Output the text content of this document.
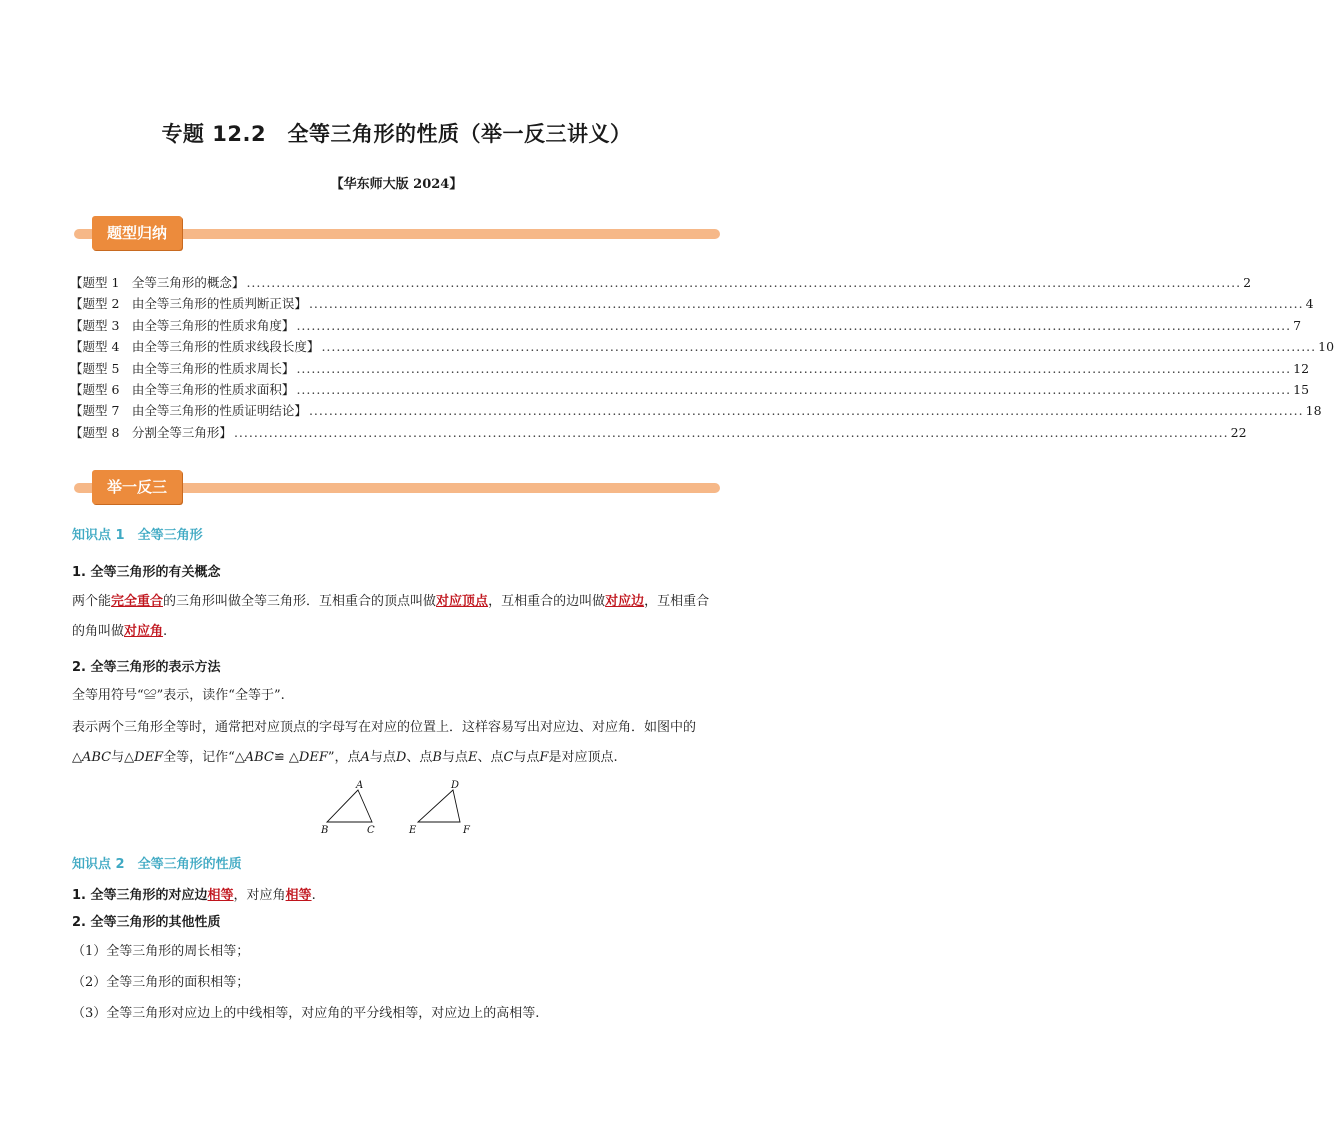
专题 12.2　全等三角形的性质（举一反三讲义）
【华东师大版 2024】
题型归纳
【题型 1　全等三角形的概念】 ........................................................................................................................................................................................................ 2
【题型 2　由全等三角形的性质判断正误】 ........................................................................................................................................................................................................ 4
【题型 3　由全等三角形的性质求角度】 ........................................................................................................................................................................................................ 7
【题型 4　由全等三角形的性质求线段长度】 ........................................................................................................................................................................................................ 10
【题型 5　由全等三角形的性质求周长】 ........................................................................................................................................................................................................ 12
【题型 6　由全等三角形的性质求面积】 ........................................................................................................................................................................................................ 15
【题型 7　由全等三角形的性质证明结论】 ........................................................................................................................................................................................................ 18
【题型 8　分割全等三角形】 ........................................................................................................................................................................................................ 22
举一反三
知识点 1　全等三角形
1. 全等三角形的有关概念
两个能完全重合的三角形叫做全等三角形．互相重合的顶点叫做对应顶点，互相重合的边叫做对应边，互相重合的角叫做对应角.
2. 全等三角形的表示方法
全等用符号“≌”表示，读作“全等于”.
表示两个三角形全等时，通常把对应顶点的字母写在对应的位置上．这样容易写出对应边、对应角．如图中的△ABC与△DEF全等，记作“△ABC≌ △DEF”，点A与点D、点B与点E、点C与点F是对应顶点.
A
B	C
D
E	F
知识点 2　全等三角形的性质
1. 全等三角形的对应边相等，对应角相等.
2. 全等三角形的其他性质
（1）全等三角形的周长相等；
（2）全等三角形的面积相等；
（3）全等三角形对应边上的中线相等，对应角的平分线相等，对应边上的高相等.
